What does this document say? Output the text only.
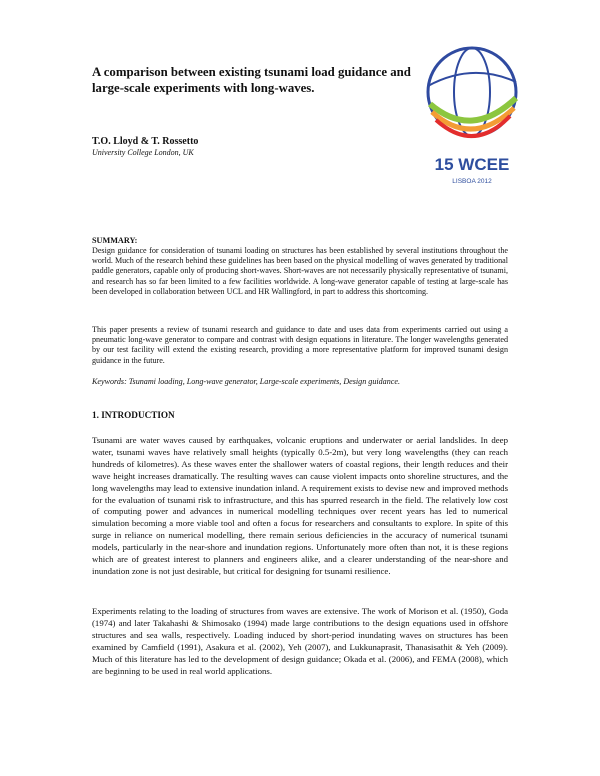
A comparison between existing tsunami load guidance and large-scale experiments with long-waves.
15 WCEE
LISBOA 2012
T.O. Lloyd & T. Rossetto
University College London, UK
SUMMARY:

Design guidance for consideration of tsunami loading on structures has been established by several institutions throughout the world. Much of the research behind these guidelines has been based on the physical modelling of waves generated by traditional paddle generators, capable only of producing short-waves. Short-waves are not necessarily physically representative of tsunami, and research has so far been limited to a few facilities worldwide. A long-wave generator capable of testing at large-scale has been developed in collaboration between UCL and HR Wallingford, in part to address this shortcoming.

This paper presents a review of tsunami research and guidance to date and uses data from experiments carried out using a pneumatic long-wave generator to compare and contrast with design equations in literature. The longer wavelengths generated by our test facility will extend the existing research, providing a more representative platform for improved tsunami design guidance in the future.

Keywords: Tsunami loading, Long-wave generator, Large-scale experiments, Design guidance.
1. INTRODUCTION

Tsunami are water waves caused by earthquakes, volcanic eruptions and underwater or aerial landslides. In deep water, tsunami waves have relatively small heights (typically 0.5-2m), but very long wavelengths (they can reach hundreds of kilometres). As these waves enter the shallower waters of coastal regions, their length reduces and their wave height increases dramatically. The resulting waves can cause violent impacts onto shoreline structures, and the long wavelengths may lead to extensive inundation inland. A requirement exists to devise new and improved methods for the evaluation of tsunami risk to infrastructure, and this has spurred research in the field. The relatively low cost of computing power and advances in numerical modelling techniques over recent years has led to numerical simulation becoming a more viable tool and often a focus for researchers and consultants to explore. In spite of this surge in reliance on numerical modelling, there remain serious deficiencies in the accuracy of numerical tsunami models, particularly in the near-shore and inundation regions. Unfortunately more often than not, it is these regions which are of greatest interest to planners and engineers alike, and a clearer understanding of the near-shore and inundation zone is not just desirable, but critical for designing for tsunami resilience.

Experiments relating to the loading of structures from waves are extensive. The work of Morison et al. (1950), Goda (1974) and later Takahashi & Shimosako (1994) made large contributions to the design equations used in offshore structures and sea walls, respectively. Loading induced by short-period inundating waves on structures has been examined by Camfield (1991), Asakura et al. (2002), Yeh (2007), and Lukkunaprasit, Thanasisathit & Yeh (2009). Much of this literature has led to the development of design guidance; Okada et al. (2006), and FEMA (2008), which are beginning to be used in real world applications.
